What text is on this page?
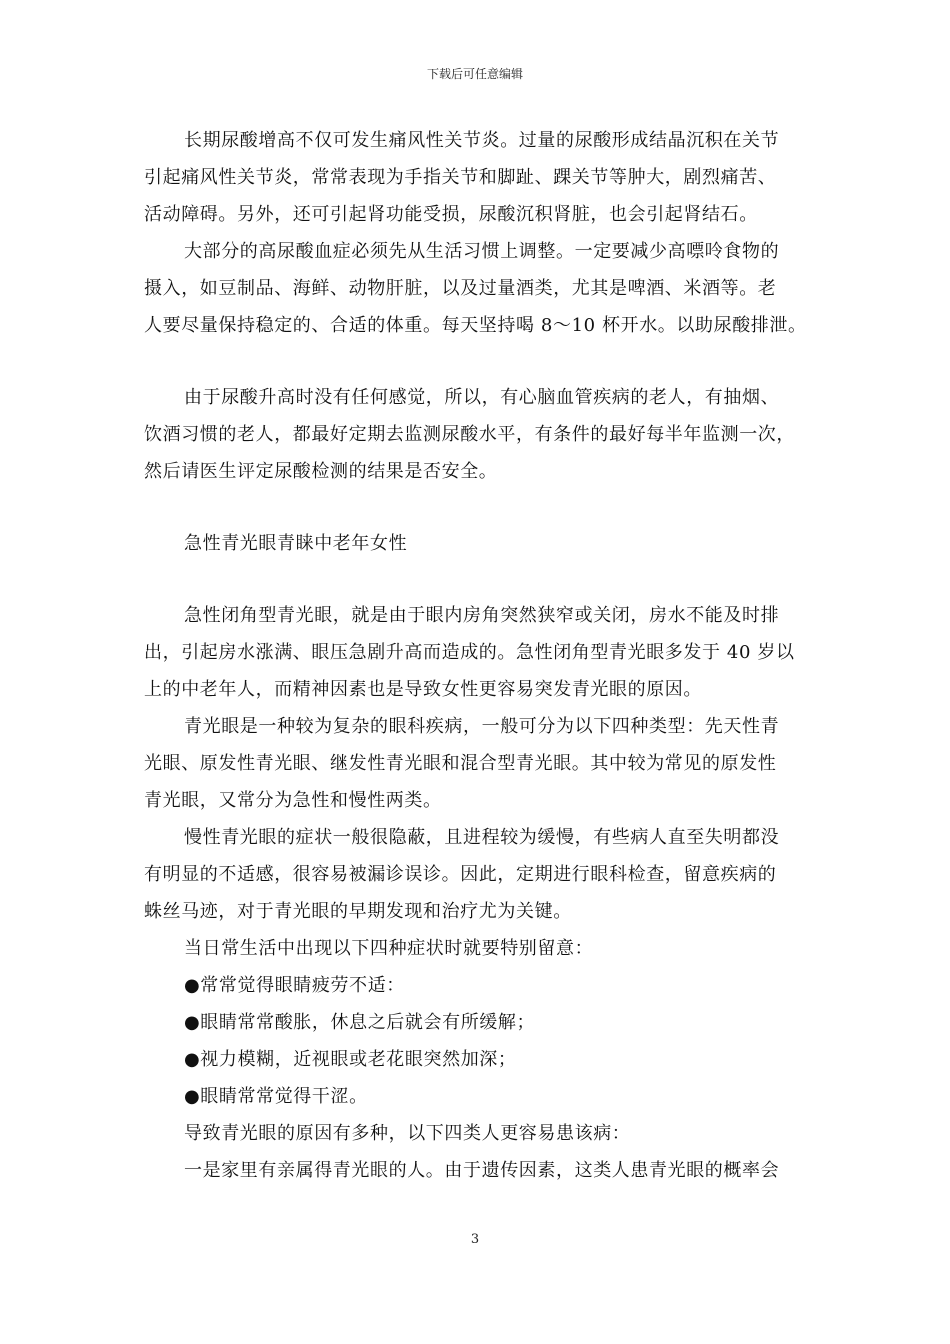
下载后可任意编辑
长期尿酸增高不仅可发生痛风性关节炎。过量的尿酸形成结晶沉积在关节
引起痛风性关节炎，常常表现为手指关节和脚趾、踝关节等肿大，剧烈痛苦、
活动障碍。另外，还可引起肾功能受损，尿酸沉积肾脏，也会引起肾结石。
大部分的高尿酸血症必须先从生活习惯上调整。一定要减少高嘌呤食物的
摄入，如豆制品、海鲜、动物肝脏，以及过量酒类，尤其是啤酒、米酒等。老
人要尽量保持稳定的、合适的体重。每天坚持喝 8～10 杯开水。以助尿酸排泄。
由于尿酸升高时没有任何感觉，所以，有心脑血管疾病的老人，有抽烟、
饮酒习惯的老人，都最好定期去监测尿酸水平，有条件的最好每半年监测一次，
然后请医生评定尿酸检测的结果是否安全。
急性青光眼青睐中老年女性
急性闭角型青光眼，就是由于眼内房角突然狭窄或关闭，房水不能及时排
出，引起房水涨满、眼压急剧升高而造成的。急性闭角型青光眼多发于 40 岁以
上的中老年人，而精神因素也是导致女性更容易突发青光眼的原因。
青光眼是一种较为复杂的眼科疾病，一般可分为以下四种类型：先天性青
光眼、原发性青光眼、继发性青光眼和混合型青光眼。其中较为常见的原发性
青光眼，又常分为急性和慢性两类。
慢性青光眼的症状一般很隐蔽，且进程较为缓慢，有些病人直至失明都没
有明显的不适感，很容易被漏诊误诊。因此，定期进行眼科检查，留意疾病的
蛛丝马迹，对于青光眼的早期发现和治疗尤为关键。
当日常生活中出现以下四种症状时就要特别留意：
●常常觉得眼睛疲劳不适：
●眼睛常常酸胀，休息之后就会有所缓解；
●视力模糊，近视眼或老花眼突然加深；
●眼睛常常觉得干涩。
导致青光眼的原因有多种，以下四类人更容易患该病：
一是家里有亲属得青光眼的人。由于遗传因素，这类人患青光眼的概率会
3
